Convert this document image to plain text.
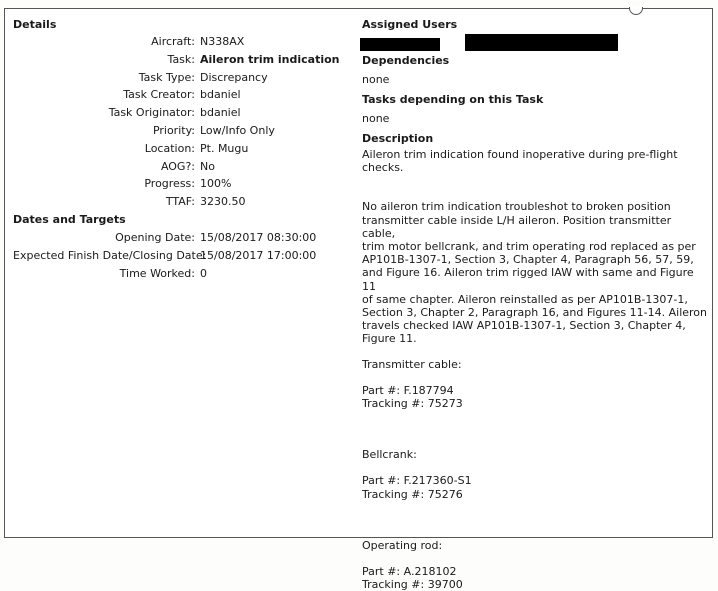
Details
Aircraft: N338AX
Task: Aileron trim indication
Task Type: Discrepancy
Task Creator: bdaniel
Task Originator: bdaniel
Priority: Low/Info Only
Location: Pt. Mugu
AOG?: No
Progress: 100%
TTAF: 3230.50
Dates and Targets
Opening Date: 15/08/2017 08:30:00
Expected Finish Date/Closing Date:
15/08/2017 17:00:00
Time Worked: 0
Assigned Users
Dependencies
none
Tasks depending on this Task
none
Description
Aileron trim indication found inoperative during pre-flight
checks.
No aileron trim indication troubleshot to broken position
transmitter cable inside L/H aileron. Position transmitter cable,
trim motor bellcrank, and trim operating rod replaced as per
AP101B-1307-1, Section 3, Chapter 4, Paragraph 56, 57, 59,
and Figure 16. Aileron trim rigged IAW with same and Figure 11
of same chapter. Aileron reinstalled as per AP101B-1307-1,
Section 3, Chapter 2, Paragraph 16, and Figures 11-14. Aileron
travels checked IAW AP101B-1307-1, Section 3, Chapter 4,
Figure 11.
Transmitter cable:
Part #: F.187794
Tracking #: 75273
Bellcrank:
Part #: F.217360-S1
Tracking #: 75276
Operating rod:
Part #: A.218102
Tracking #: 39700
